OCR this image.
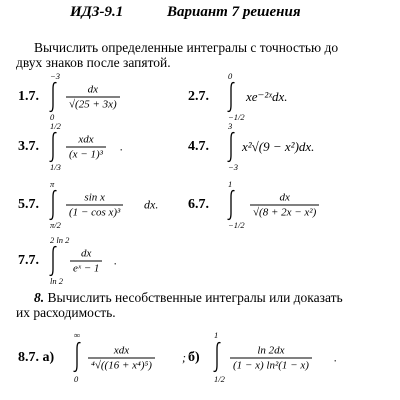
ИДЗ-9.1	Вариант 7 решения

Вычислить определенные интегралы с точностью до

двух знаков после запятой.

1.7.
−3
0
$\frac{dx}{√(25 + 3x)}$	2.7.
0
−1/2
xe⁻²ˣdx.
3.7.
1/2
1/3
xdx
(x − 1)³
.	4.7.
3
−3
x²√(9 − x²)dx.
5.7.
π
π/2
$\frac{\text{sin x}}{\text{(1 − cos x)³}}$ dx. 6.7.
1
−1/2
$\frac{dx}{\text{√(8 + 2x − x²)}}$
7.7.
2 ln 2
ln 2
$\frac{dx}{\text{eˣ − 1}}$ .

8. Вычислить несобственные интегралы или доказать

их расходимость.

8.7. а)
∞
0
xdx
⁴√((16 + x⁴)⁵)
; б)
1
1/2
$\frac{\ln 2dx}{\text{(1 − x) ln²(1 − x)}}$ .
